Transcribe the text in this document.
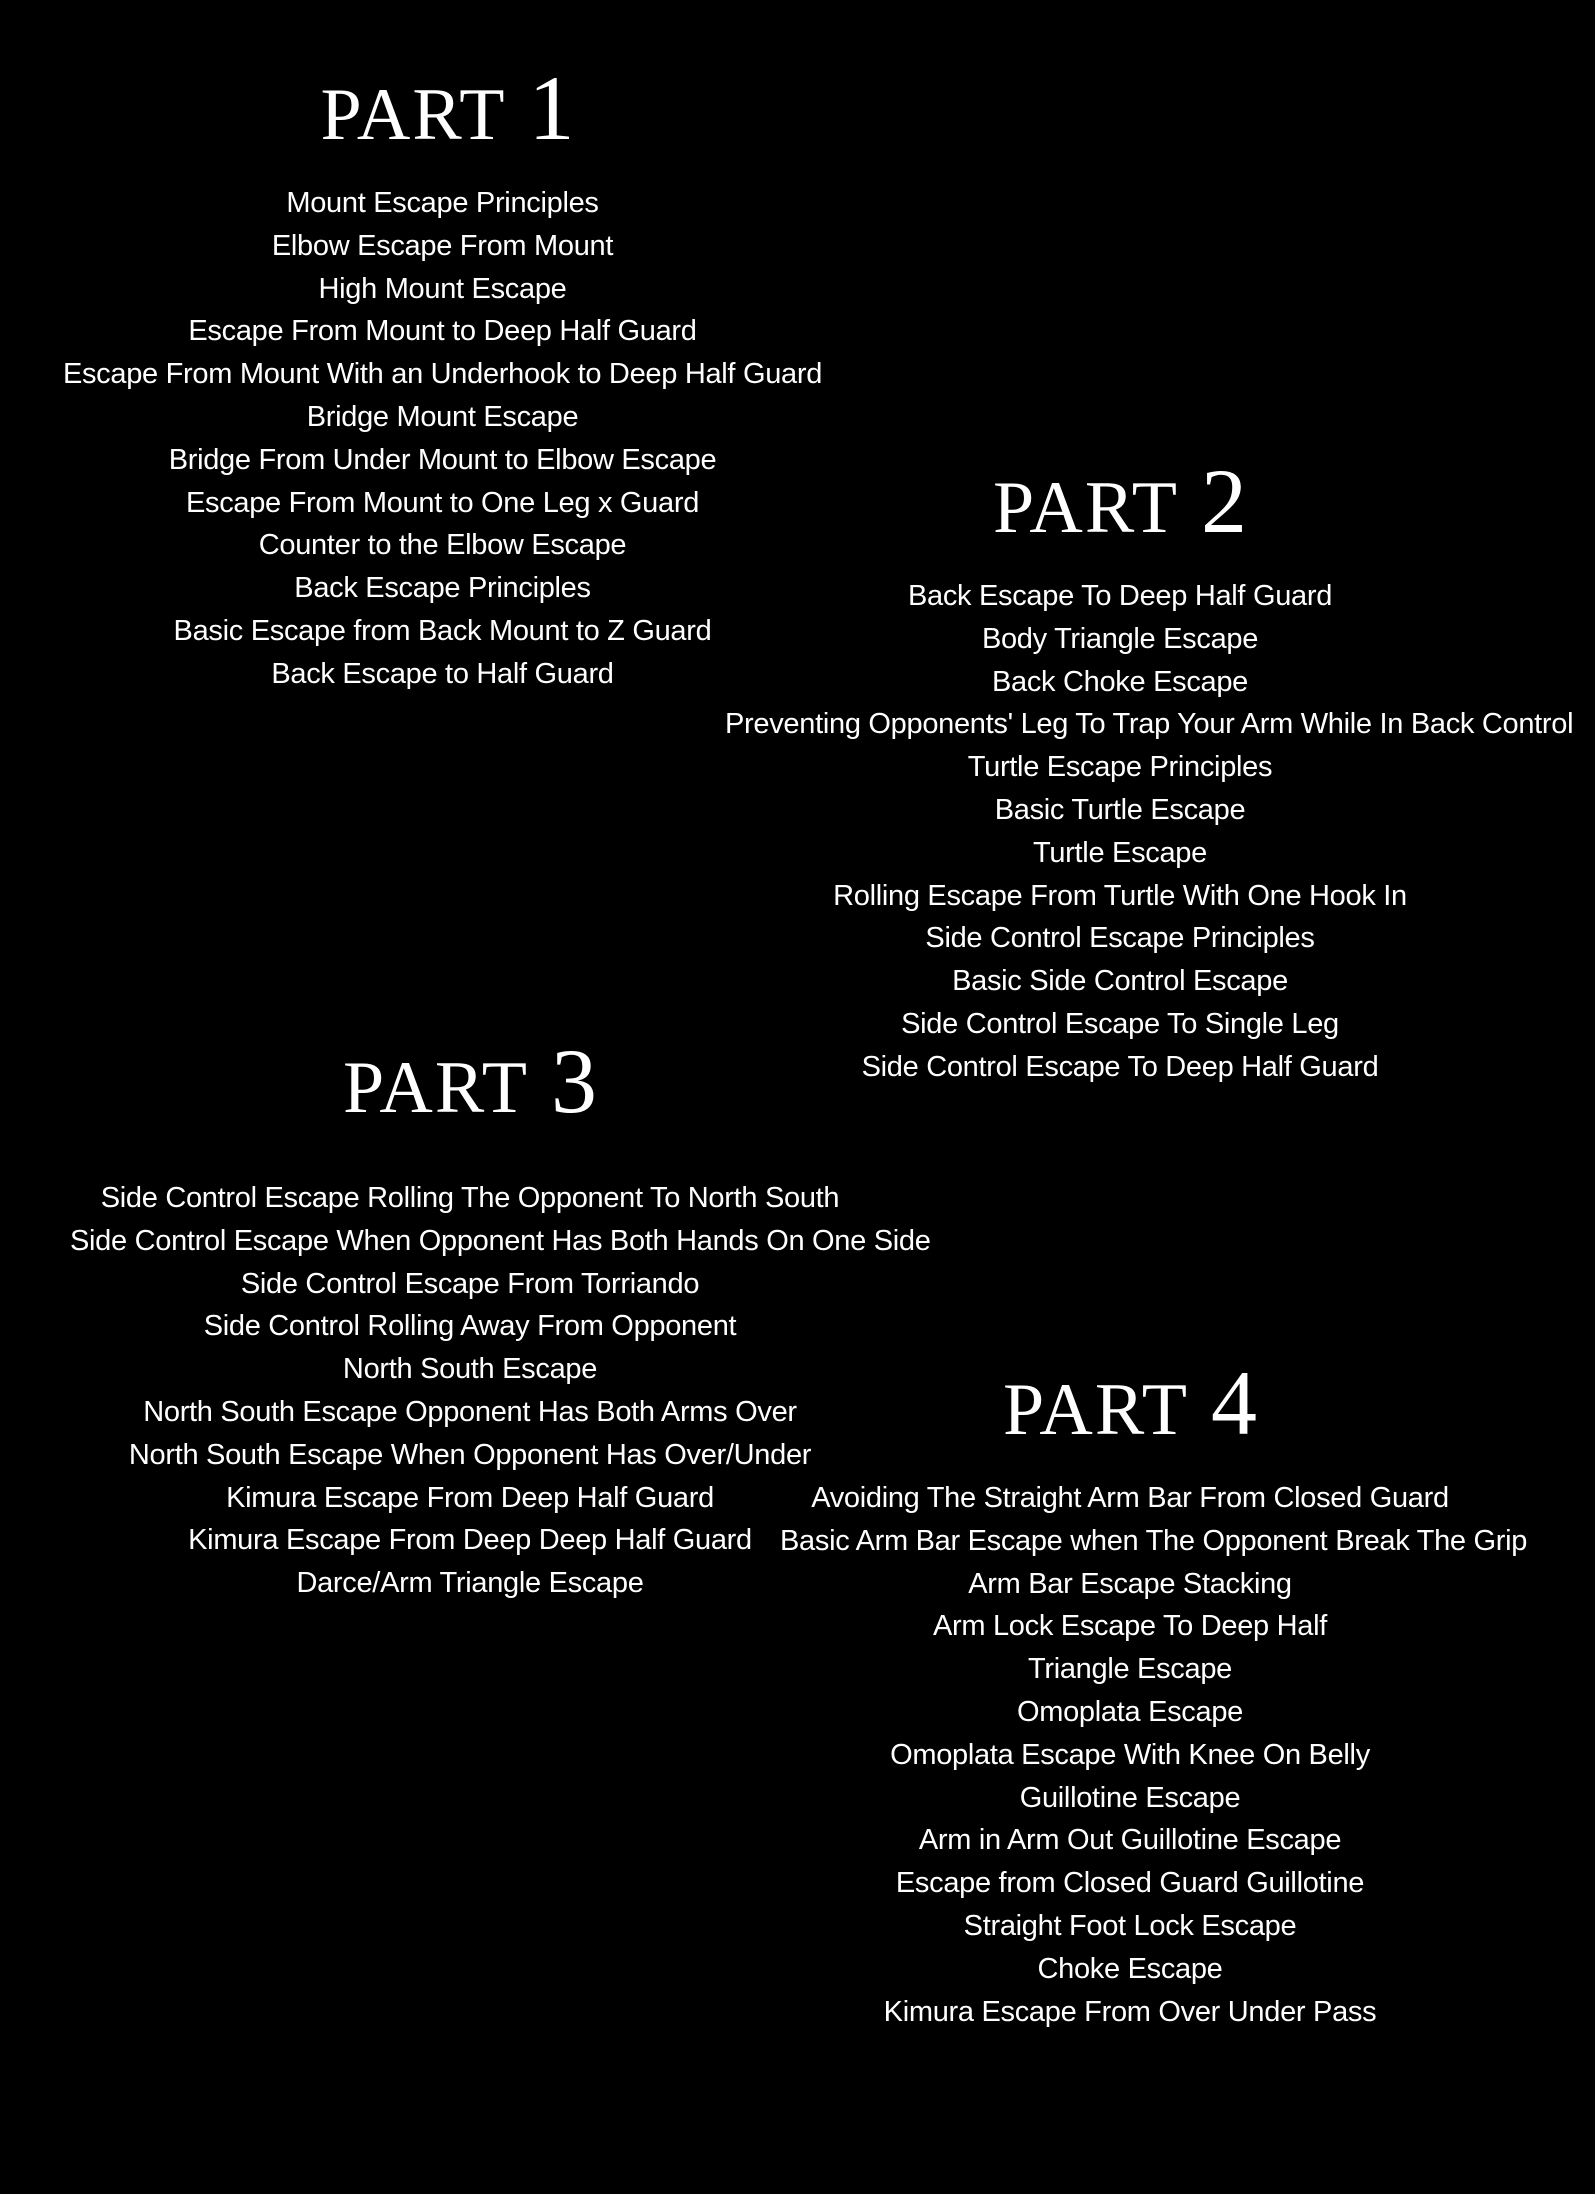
PART 1
Mount Escape Principles
Elbow Escape From Mount
High Mount Escape
Escape From Mount to Deep Half Guard
Escape From Mount With an Underhook to Deep Half Guard
Bridge Mount Escape
Bridge From Under Mount to Elbow Escape
Escape From Mount to One Leg x Guard
Counter to the Elbow Escape
Back Escape Principles
Basic Escape from Back Mount to Z Guard
Back Escape to Half Guard
PART 2
Back Escape To Deep Half Guard
Body Triangle Escape
Back Choke Escape
Preventing Opponents' Leg To Trap Your Arm While In Back Control
Turtle Escape Principles
Basic Turtle Escape
Turtle Escape
Rolling Escape From Turtle With One Hook In
Side Control Escape Principles
Basic Side Control Escape
Side Control Escape To Single Leg
Side Control Escape To Deep Half Guard
PART 3
Side Control Escape Rolling The Opponent To North South
Side Control Escape When Opponent Has Both Hands On One Side
Side Control Escape From Torriando
Side Control Rolling Away From Opponent
North South Escape
North South Escape Opponent Has Both Arms Over
North South Escape When Opponent Has Over/Under
Kimura Escape From Deep Half Guard
Kimura Escape From Deep Deep Half Guard
Darce/Arm Triangle Escape
PART 4
Avoiding The Straight Arm Bar From Closed Guard
Basic Arm Bar Escape when The Opponent Break The Grip
Arm Bar Escape Stacking
Arm Lock Escape To Deep Half
Triangle Escape
Omoplata Escape
Omoplata Escape With Knee On Belly
Guillotine Escape
Arm in Arm Out Guillotine Escape
Escape from Closed Guard Guillotine
Straight Foot Lock Escape
Choke Escape
Kimura Escape From Over Under Pass
